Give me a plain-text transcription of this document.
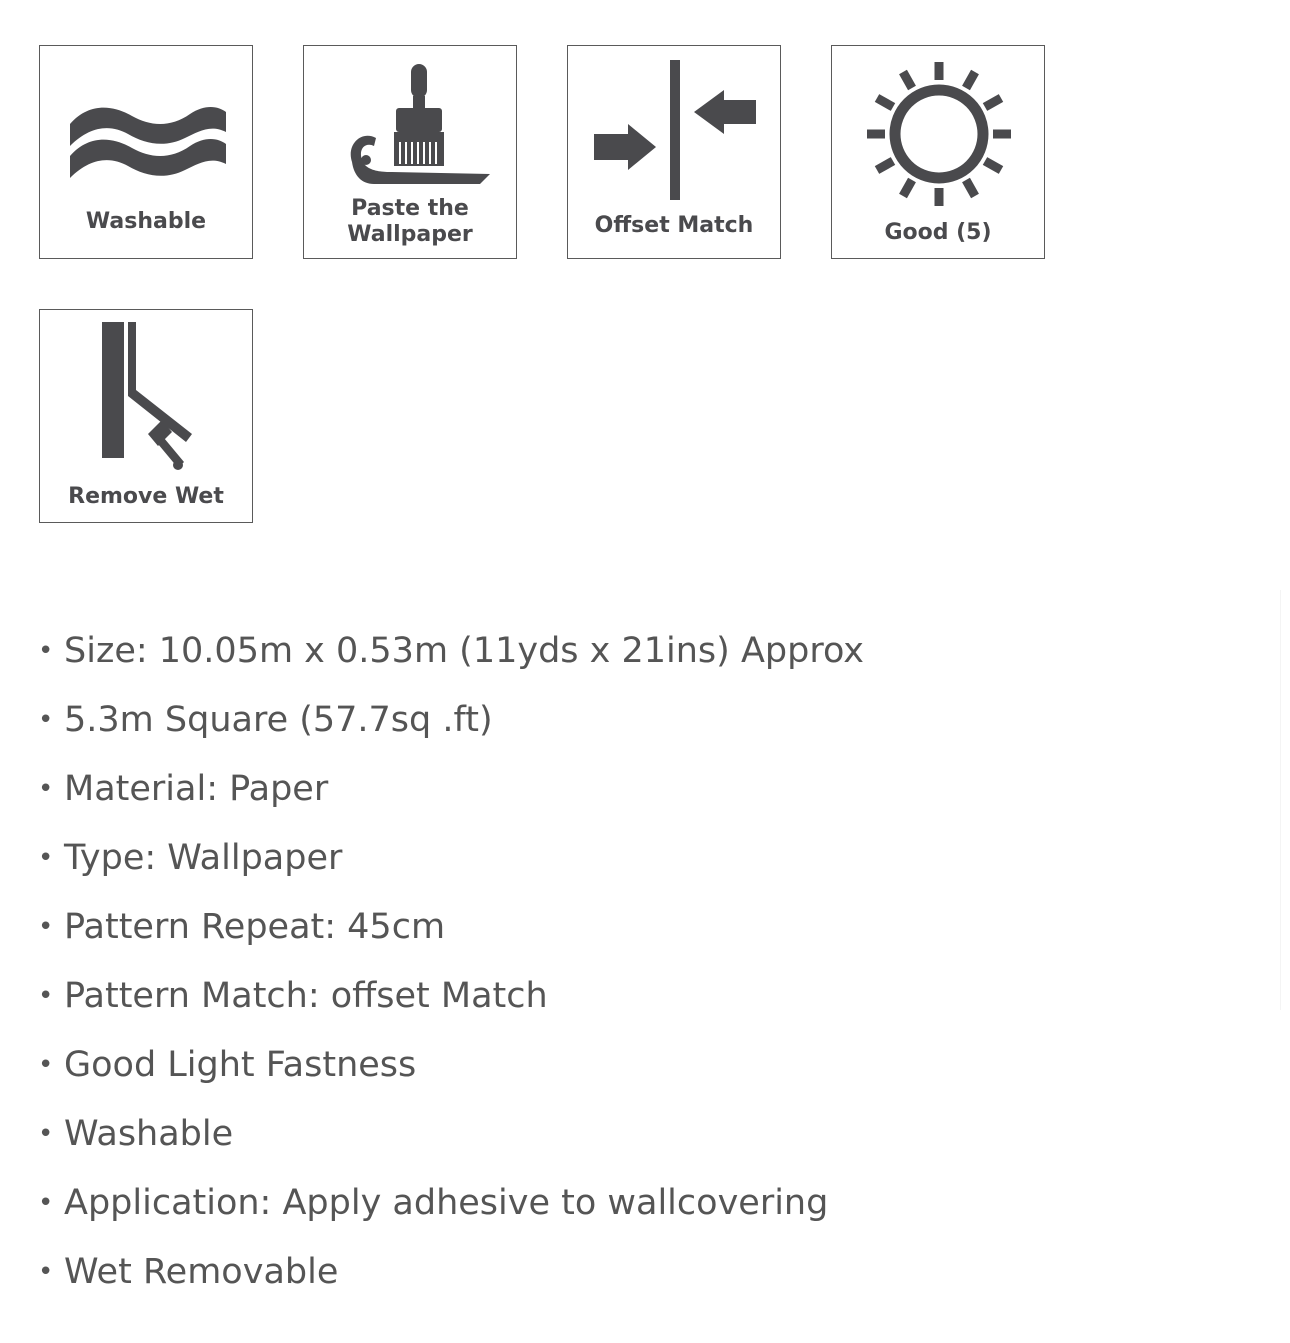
Washable
Paste the
Wallpaper	Offset Match	Good (5)
Remove Wet
• Size: 10.05m x 0.53m (11yds x 21ins) Approx
• 5.3m Square (57.7sq .ft)
• Material: Paper
• Type: Wallpaper
• Pattern Repeat: 45cm
• Pattern Match: offset Match
• Good Light Fastness
• Washable
• Application: Apply adhesive to wallcovering
• Wet Removable
